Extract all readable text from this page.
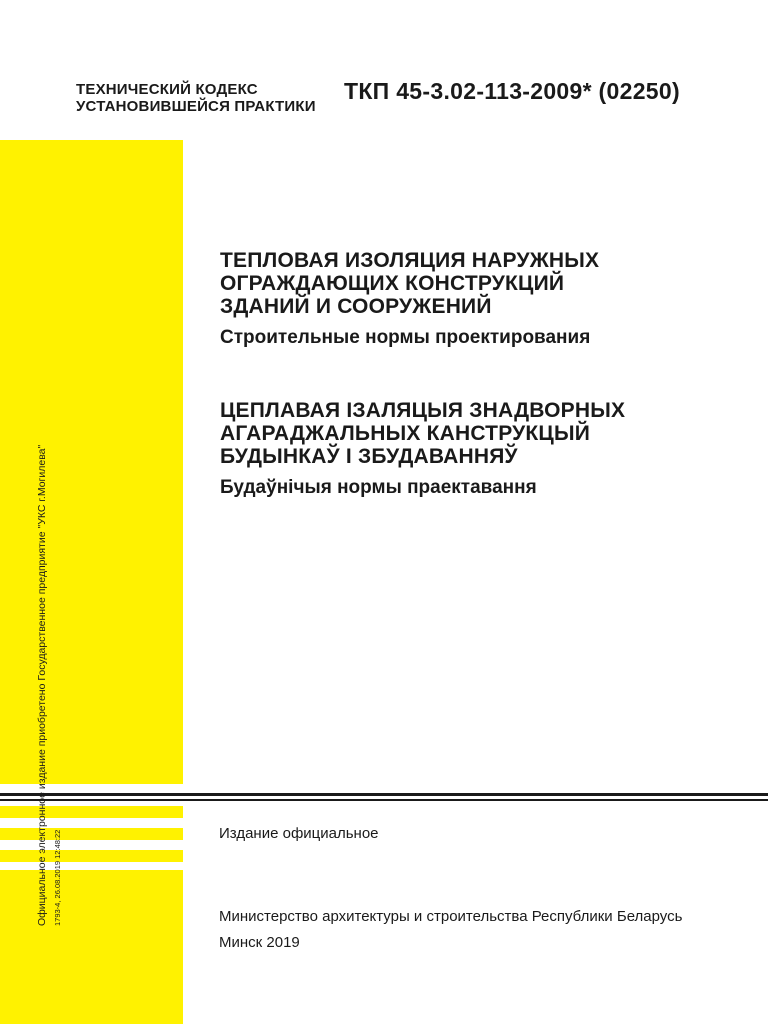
ТЕХНИЧЕСКИЙ КОДЕКС
УСТАНОВИВШЕЙСЯ ПРАКТИКИ
ТКП 45-3.02-113-2009* (02250)
ТЕПЛОВАЯ ИЗОЛЯЦИЯ НАРУЖНЫХ
ОГРАЖДАЮЩИХ КОНСТРУКЦИЙ
ЗДАНИЙ И СООРУЖЕНИЙ
Строительные нормы проектирования
ЦЕПЛАВАЯ ІЗАЛЯЦЫЯ ЗНАДВОРНЫХ
АГАРАДЖАЛЬНЫХ КАНСТРУКЦЫЙ
БУДЫНКАЎ І ЗБУДАВАННЯЎ
Будаўнічыя нормы праектавання
Официальное электронное издание приобретено Гоcударственное предприятие "УКС г.Могилева" 1793-4, 26.08.2019 12:48:22	Издание официальное
Министерство архитектуры и строительства Республики Беларусь
Минск 2019
